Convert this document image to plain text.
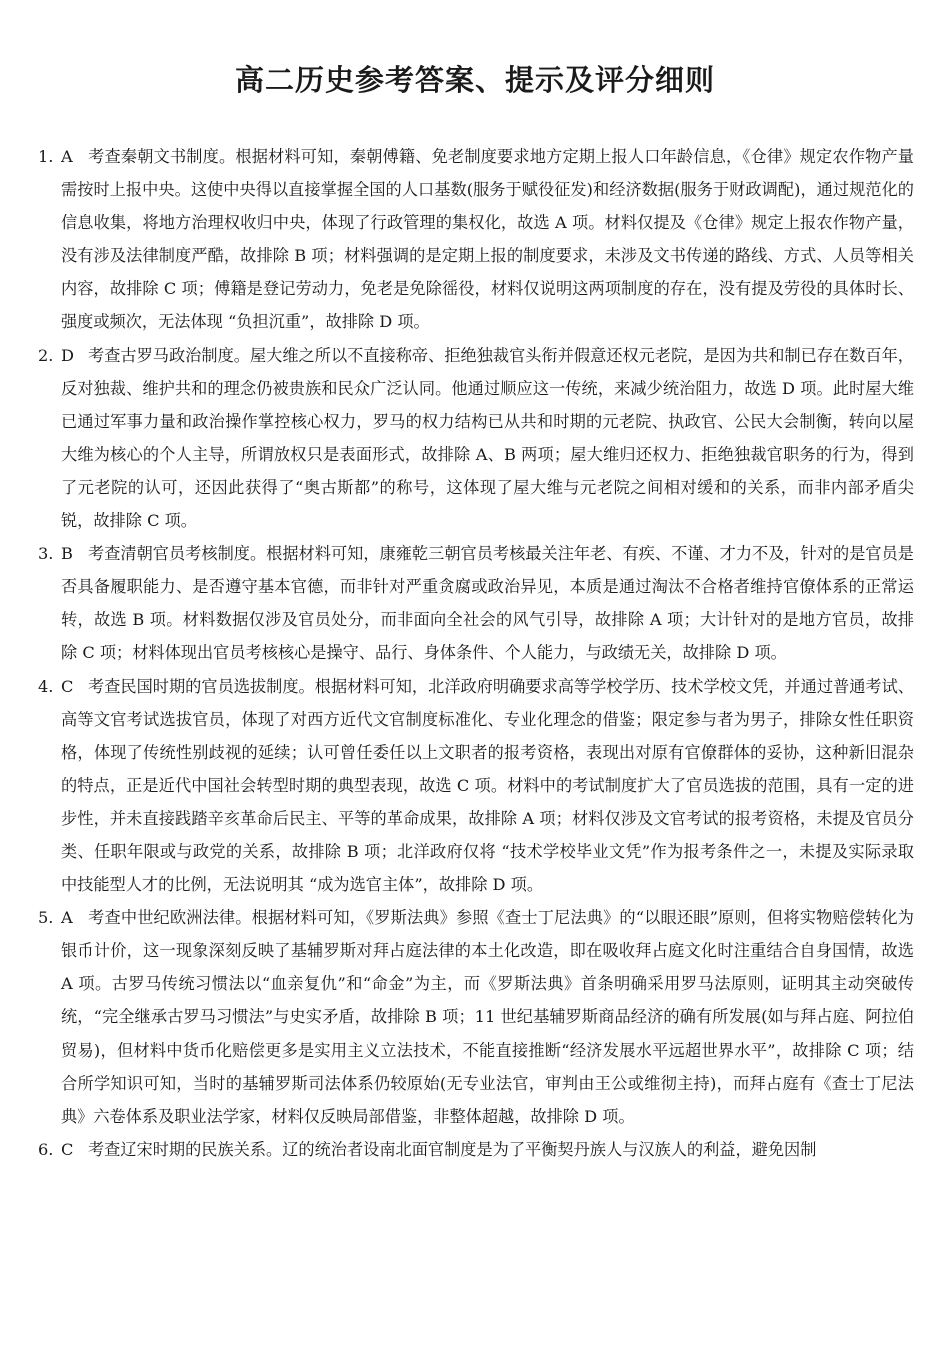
高二历史参考答案、提示及评分细则

1. A 考查秦朝文书制度。根据材料可知，秦朝傅籍、免老制度要求地方定期上报人口年龄信息，《仓律》规定农作物产量需按时上报中央。这使中央得以直接掌握全国的人口基数(服务于赋役征发)和经济数据(服务于财政调配)，通过规范化的信息收集，将地方治理权收归中央，体现了行政管理的集权化，故选 A 项。材料仅提及《仓律》规定上报农作物产量，没有涉及法律制度严酷，故排除 B 项；材料强调的是定期上报的制度要求，未涉及文书传递的路线、方式、人员等相关内容，故排除 C 项；傅籍是登记劳动力，免老是免除徭役，材料仅说明这两项制度的存在，没有提及劳役的具体时长、强度或频次，无法体现 “负担沉重”，故排除 D 项。

2. D 考查古罗马政治制度。屋大维之所以不直接称帝、拒绝独裁官头衔并假意还权元老院，是因为共和制已存在数百年，反对独裁、维护共和的理念仍被贵族和民众广泛认同。他通过顺应这一传统，来减少统治阻力，故选 D 项。此时屋大维已通过军事力量和政治操作掌控核心权力，罗马的权力结构已从共和时期的元老院、执政官、公民大会制衡，转向以屋大维为核心的个人主导，所谓放权只是表面形式，故排除 A、B 两项；屋大维归还权力、拒绝独裁官职务的行为，得到了元老院的认可，还因此获得了“奥古斯都”的称号，这体现了屋大维与元老院之间相对缓和的关系，而非内部矛盾尖锐，故排除 C 项。

3. B 考查清朝官员考核制度。根据材料可知，康雍乾三朝官员考核最关注年老、有疾、不谨、才力不及，针对的是官员是否具备履职能力、是否遵守基本官德，而非针对严重贪腐或政治异见，本质是通过淘汰不合格者维持官僚体系的正常运转，故选 B 项。材料数据仅涉及官员处分，而非面向全社会的风气引导，故排除 A 项；大计针对的是地方官员，故排除 C 项；材料体现出官员考核核心是操守、品行、身体条件、个人能力，与政绩无关，故排除 D 项。

4. C 考查民国时期的官员选拔制度。根据材料可知，北洋政府明确要求高等学校学历、技术学校文凭，并通过普通考试、高等文官考试选拔官员，体现了对西方近代文官制度标准化、专业化理念的借鉴；限定参与者为男子，排除女性任职资格，体现了传统性别歧视的延续；认可曾任委任以上文职者的报考资格，表现出对原有官僚群体的妥协，这种新旧混杂的特点，正是近代中国社会转型时期的典型表现，故选 C 项。材料中的考试制度扩大了官员选拔的范围，具有一定的进步性，并未直接践踏辛亥革命后民主、平等的革命成果，故排除 A 项；材料仅涉及文官考试的报考资格，未提及官员分类、任职年限或与政党的关系，故排除 B 项；北洋政府仅将 “技术学校毕业文凭”作为报考条件之一，未提及实际录取中技能型人才的比例，无法说明其 “成为选官主体”，故排除 D 项。

5. A 考查中世纪欧洲法律。根据材料可知，《罗斯法典》参照《查士丁尼法典》的“以眼还眼”原则，但将实物赔偿转化为银币计价，这一现象深刻反映了基辅罗斯对拜占庭法律的本土化改造，即在吸收拜占庭文化时注重结合自身国情，故选 A 项。古罗马传统习惯法以“血亲复仇”和“命金”为主，而《罗斯法典》首条明确采用罗马法原则，证明其主动突破传统，“完全继承古罗马习惯法”与史实矛盾，故排除 B 项；11 世纪基辅罗斯商品经济的确有所发展(如与拜占庭、阿拉伯贸易)，但材料中货币化赔偿更多是实用主义立法技术，不能直接推断“经济发展水平远超世界水平”，故排除 C 项；结合所学知识可知，当时的基辅罗斯司法体系仍较原始(无专业法官，审判由王公或维彻主持)，而拜占庭有《查士丁尼法典》六卷体系及职业法学家，材料仅反映局部借鉴，非整体超越，故排除 D 项。

6. C 考查辽宋时期的民族关系。辽的统治者设南北面官制度是为了平衡契丹族人与汉族人的利益，避免因制
